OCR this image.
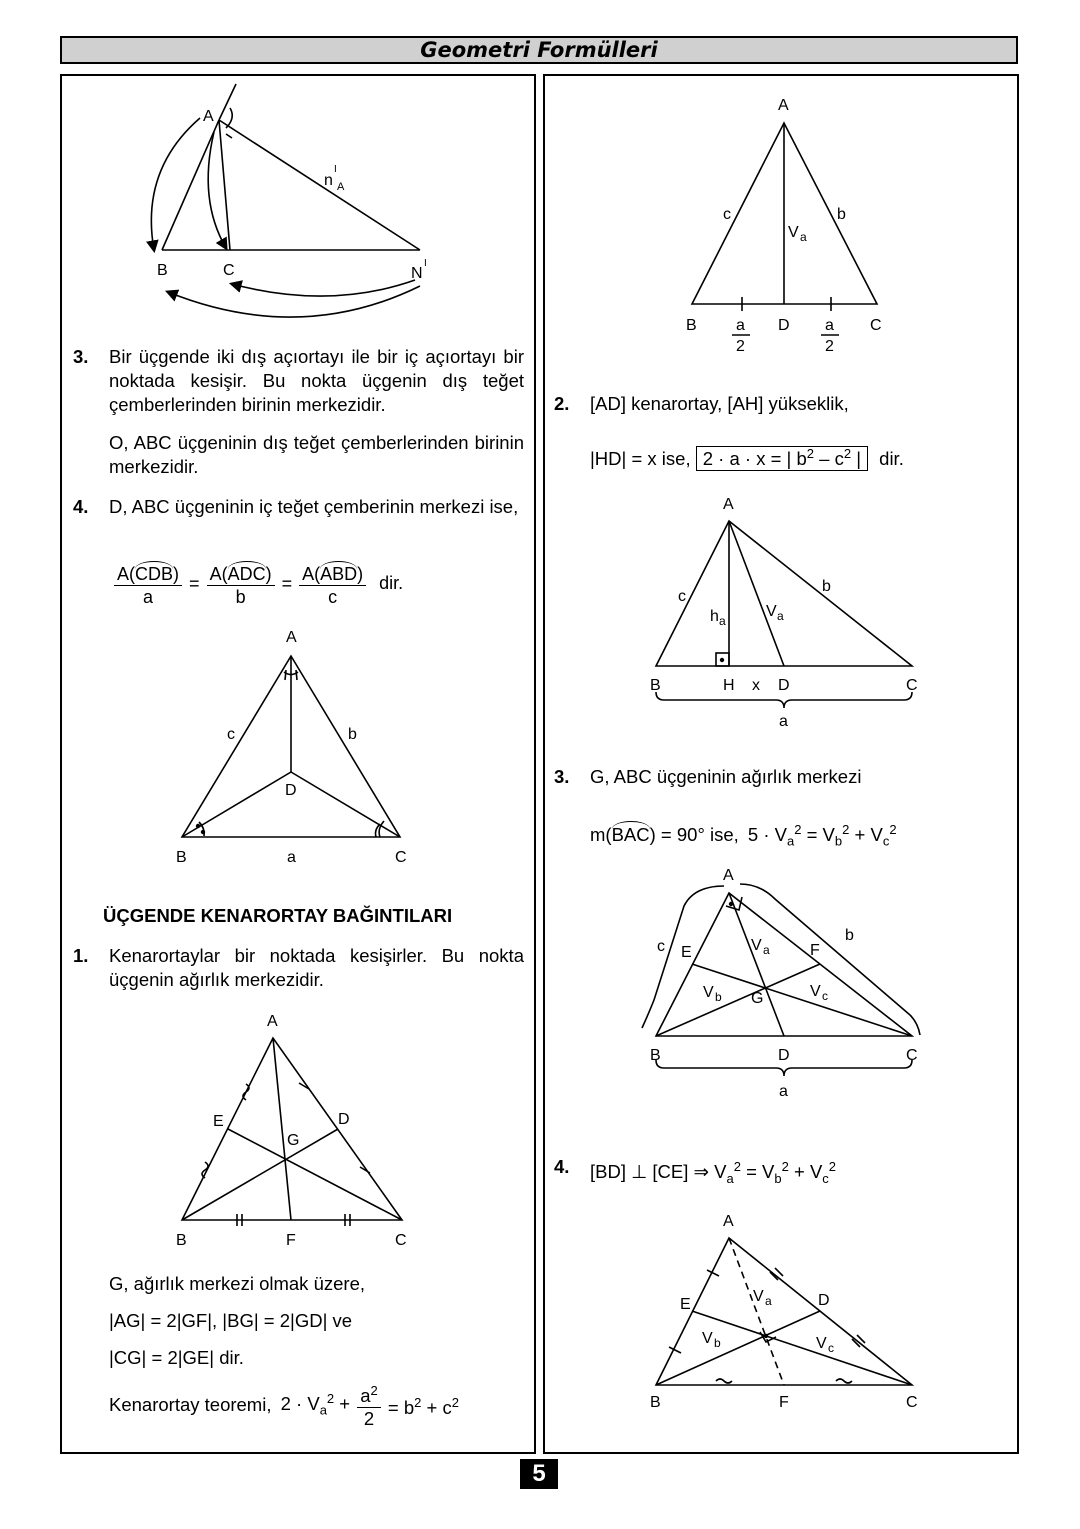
Geometri Formülleri
A
B	C	N
I
n
I
A
3. Bir üçgende iki dış açıortayı ile bir iç açıortayı bir noktada kesişir. Bu nokta üçgenin dış teğet çemberlerinden birinin merkezidir.
O, ABC üçgeninin dış teğet çemberlerinden birinin merkezidir.
4. D, ABC üçgeninin iç teğet çemberinin merkezi ise,
$\frac{\text{A(CDB)}}{a} = \frac{\text{A(ADC)}}{b} = \frac{\text{A(ABD)}}{c}$ dir.
A
B	C
D
a
b
c
ÜÇGENDE KENARORTAY BAĞINTILARI
1. Kenarortaylar bir noktada kesişirler. Bu nokta üçgenin ağırlık merkezidir.
A
B	C
D
E
F
G
G, ağırlık merkezi olmak üzere,
|AG| = 2|GF|, |BG| = 2|GD| ve
|CG| = 2|GE| dir.
Kenarortay teoremi, $2 \cdot V_a^2 + \frac{a^2}{2} = b^2 + c^2$
A
B	C
D
b
c
V a
a
2
a
2
2. [AD] kenarortay, [AH] yükseklik,
|HD| = x ise, 2 · a · x = | $b^2 - c^2$ | dir.
A
B	C
D
H x
a
b
c
h a
V a
3. G, ABC üçgeninin ağırlık merkezi
m(BAC) = 90° ise, $5 \cdot V_a^2 = V_b^2 + V_c^2$
A
B	C
D
E	F
G
a
b
c	V a
V b	V c
4. [BD] ⊥ [CE] ⇒ $V_a^2 = V_b^2 + V_c^2$
A
B	C
D
E
F
V a
V b	V c
5
